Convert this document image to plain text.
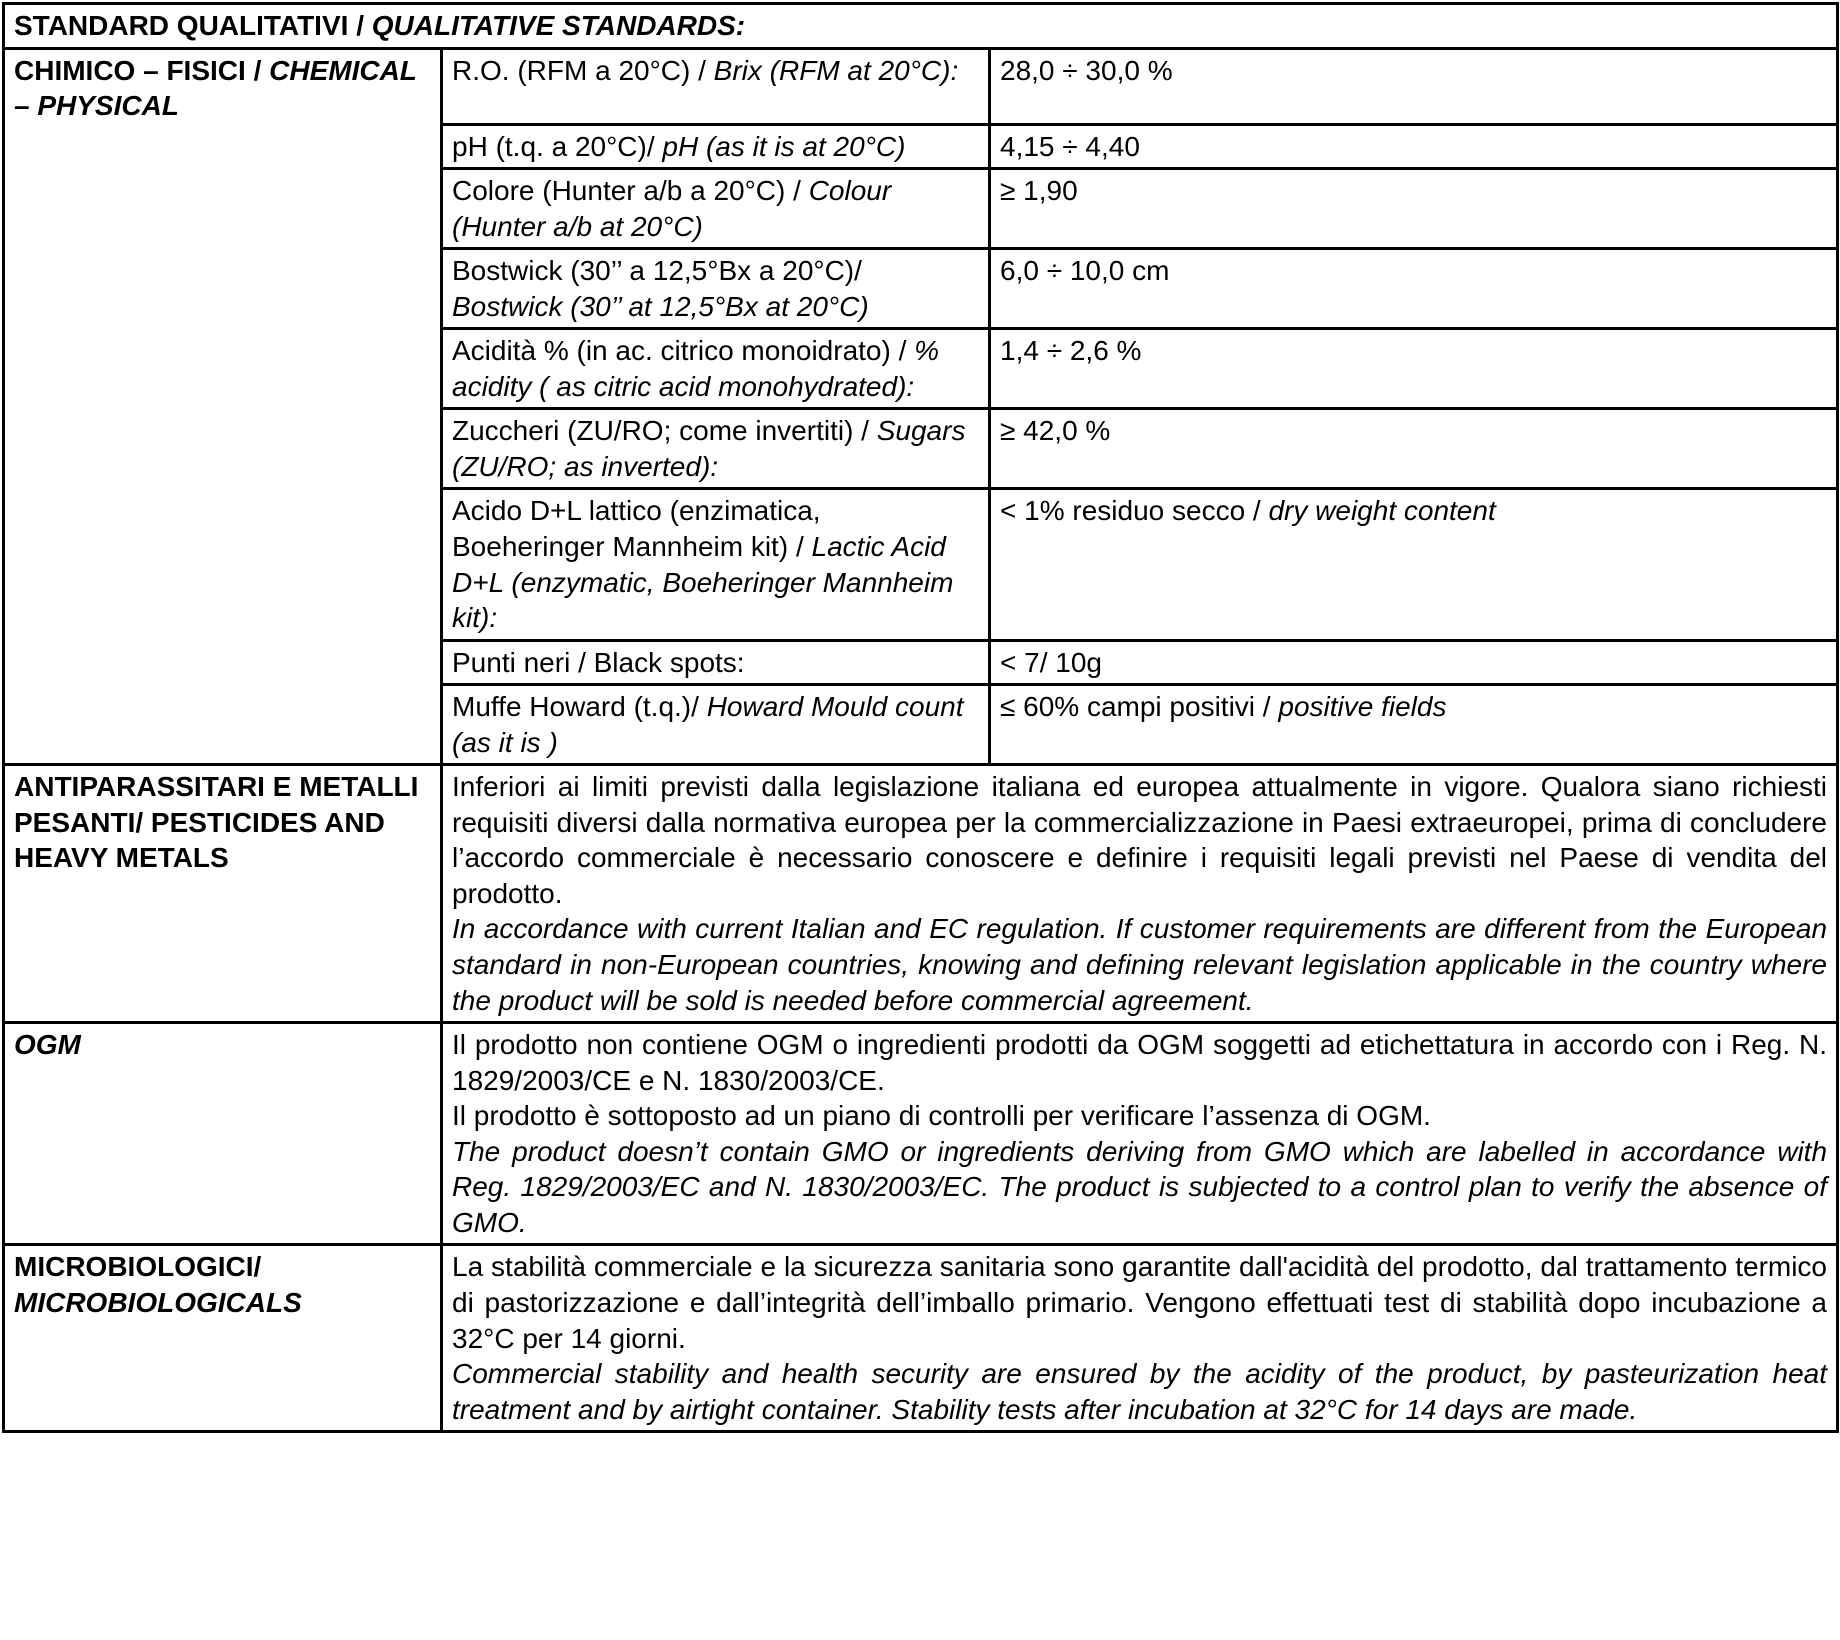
STANDARD QUALITATIVI / QUALITATIVE STANDARDS:		
CHIMICO – FISICI / CHEMICAL – PHYSICAL	R.O. (RFM a 20°C) / Brix (RFM at 20°C):	28,0 ÷ 30,0 %
	pH (t.q. a 20°C)/ pH (as it is at 20°C)	4,15 ÷ 4,40
	Colore (Hunter a/b a 20°C) / Colour (Hunter a/b at 20°C)	≥ 1,90
	Bostwick (30’’ a 12,5°Bx a 20°C)/ Bostwick (30’’ at 12,5°Bx at 20°C)	6,0 ÷ 10,0 cm
	Acidità % (in ac. citrico monoidrato) / % acidity ( as citric acid monohydrated):	1,4 ÷ 2,6 %
	Zuccheri (ZU/RO; come invertiti) / Sugars (ZU/RO; as inverted):	≥ 42,0 %
	Acido D+L lattico (enzimatica, Boeheringer Mannheim kit) / Lactic Acid D+L (enzymatic, Boeheringer Mannheim kit):	< 1% residuo secco / dry weight content
	Punti neri / Black spots:	< 7/ 10g
	Muffe Howard (t.q.)/ Howard Mould count (as it is )	≤ 60% campi positivi / positive fields
ANTIPARASSITARI E METALLI PESANTI/ PESTICIDES AND HEAVY METALS	Inferiori ai limiti previsti dalla legislazione italiana ed europea attualmente in vigore. Qualora siano richiesti requisiti diversi dalla normativa europea per la commercializzazione in Paesi extraeuropei, prima di concludere l’accordo commerciale è necessario conoscere e definire i requisiti legali previsti nel Paese di vendita del prodotto.

In accordance with current Italian and EC regulation. If customer requirements are different from the European standard in non-European countries, knowing and defining relevant legislation applicable in the country where the product will be sold is needed before commercial agreement.	

OGM	Il prodotto non contiene OGM o ingredienti prodotti da OGM soggetti ad etichettatura in accordo con i Reg. N. 1829/2003/CE e N. 1830/2003/CE.

Il prodotto è sottoposto ad un piano di controlli per verificare l’assenza di OGM.

The product doesn’t contain GMO or ingredients deriving from GMO which are labelled in accordance with Reg. 1829/2003/EC and N. 1830/2003/EC. The product is subjected to a control plan to verify the absence of GMO.	

MICROBIOLOGICI/ MICROBIOLOGICALS	La stabilità commerciale e la sicurezza sanitaria sono garantite dall'acidità del prodotto, dal trattamento termico di pastorizzazione e dall’integrità dell’imballo primario. Vengono effettuati test di stabilità dopo incubazione a 32°C per 14 giorni.

Commercial stability and health security are ensured by the acidity of the product, by pasteurization heat treatment and by airtight container. Stability tests after incubation at 32°C for 14 days are made.	
